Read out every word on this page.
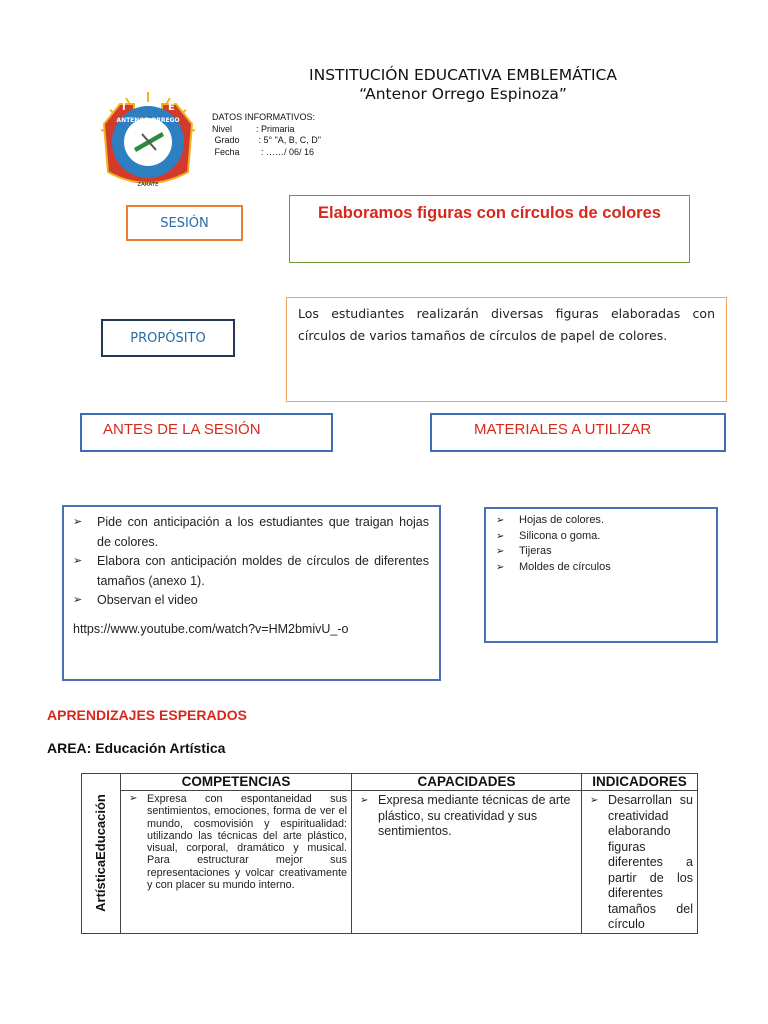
INSTITUCIÓN EDUCATIVA EMBLEMÁTICA
“Antenor Orrego Espinoza”
I	E
ANTENOR ORREGO
ZARATE
DATOS INFORMATIVOS:
Nivel	: Primaria
Grado : 5° "A, B, C, D"
Fecha  : ……/ 06/ 16
SESIÓN
Elaboramos figuras con círculos de colores
PROPÓSITO
Los estudiantes realizarán diversas figuras elaboradas con círculos de varios tamaños de círculos de papel de colores.
ANTES DE LA SESIÓN	MATERIALES A UTILIZAR
➢ Pide con anticipación a los estudiantes que traigan hojas de colores.
➢ Elabora con anticipación moldes de círculos de diferentes tamaños (anexo 1).
➢ Observan el video
https://www.youtube.com/watch?v=HM2bmivU_-o
➢ Hojas de colores.
➢ Silicona o goma.
➢ Tijeras
➢ Moldes de círculos
APRENDIZAJES ESPERADOS
AREA: Educación Artística
ArtísticaEducación	COMPETENCIAS	CAPACIDADES	INDICADORES

	➢ Expresa con espontaneidad sus sentimientos, emociones, forma de ver el mundo, cosmovisión y espiritualidad: utilizando las técnicas del arte plástico, visual, corporal, dramático y musical. Para estructurar mejor sus representaciones y volcar creativamente y con placer su mundo interno.	➢ Expresa mediante técnicas de arte plástico, su creatividad y sus sentimientos.	➢ Desarrollan su creatividad elaborando figuras diferentes a partir de los diferentes tamaños del círculo
